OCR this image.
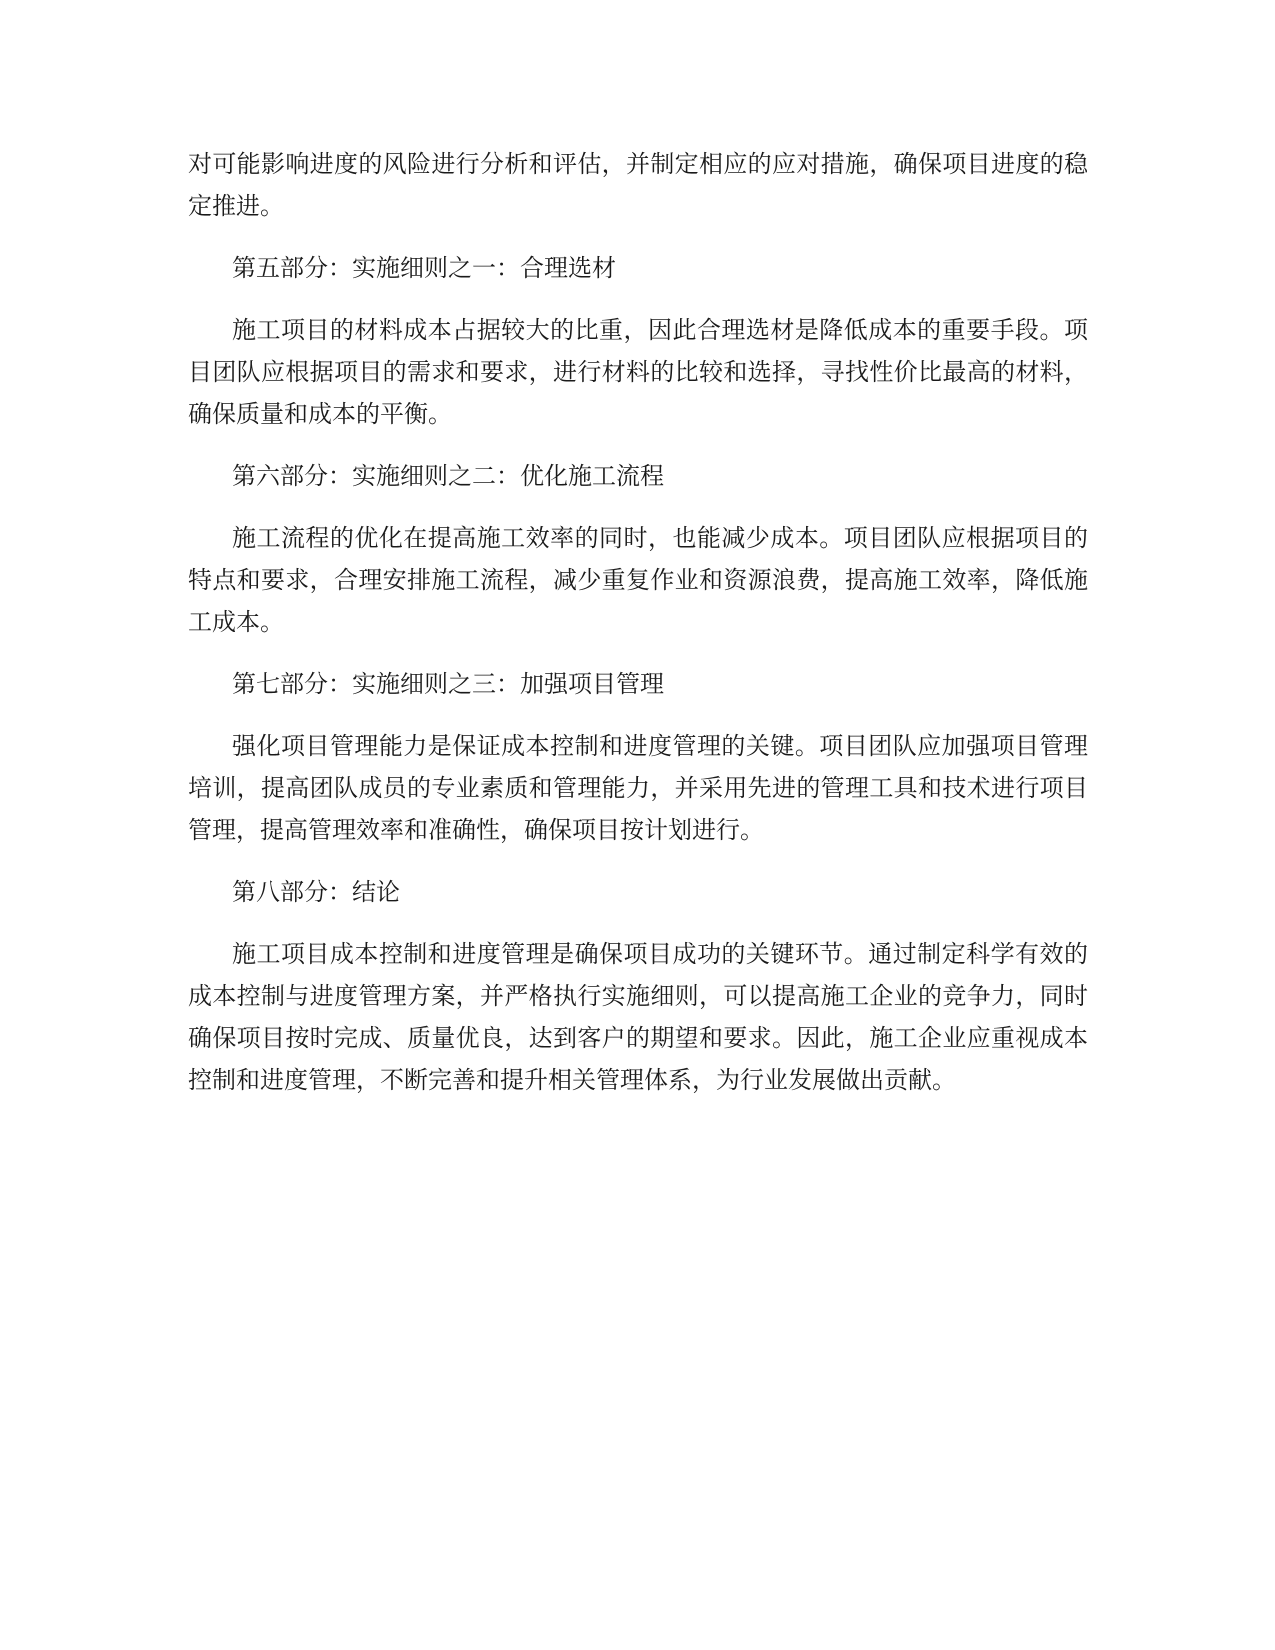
对可能影响进度的风险进行分析和评估，并制定相应的应对措施，确保项目进度的稳定推进。

第五部分：实施细则之一：合理选材

施工项目的材料成本占据较大的比重，因此合理选材是降低成本的重要手段。项目团队应根据项目的需求和要求，进行材料的比较和选择，寻找性价比最高的材料，确保质量和成本的平衡。

第六部分：实施细则之二：优化施工流程

施工流程的优化在提高施工效率的同时，也能减少成本。项目团队应根据项目的特点和要求，合理安排施工流程，减少重复作业和资源浪费，提高施工效率，降低施工成本。

第七部分：实施细则之三：加强项目管理

强化项目管理能力是保证成本控制和进度管理的关键。项目团队应加强项目管理培训，提高团队成员的专业素质和管理能力，并采用先进的管理工具和技术进行项目管理，提高管理效率和准确性，确保项目按计划进行。

第八部分：结论

施工项目成本控制和进度管理是确保项目成功的关键环节。通过制定科学有效的成本控制与进度管理方案，并严格执行实施细则，可以提高施工企业的竞争力，同时确保项目按时完成、质量优良，达到客户的期望和要求。因此，施工企业应重视成本控制和进度管理，不断完善和提升相关管理体系，为行业发展做出贡献。
